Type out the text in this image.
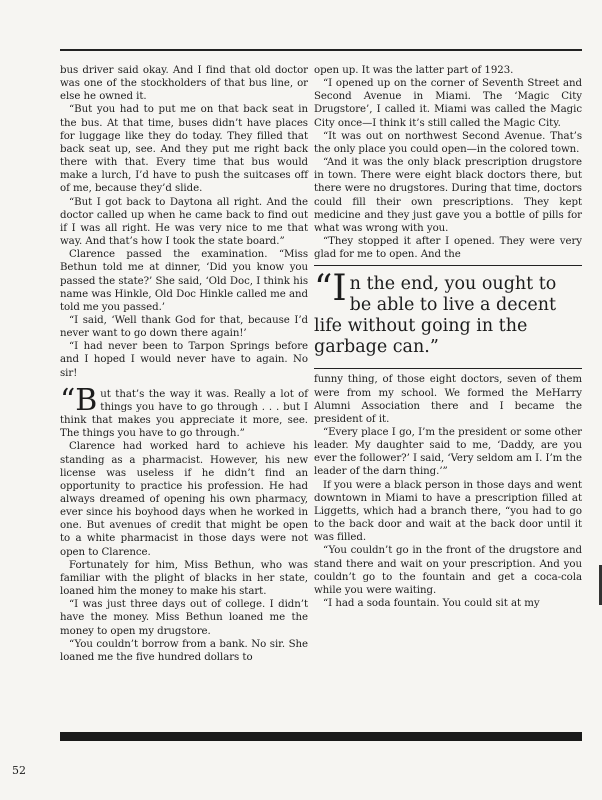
bus driver said okay. And I find that old doctor was one of the stockholders of that bus line, or else he owned it.

“But you had to put me on that back seat in the bus. At that time, buses didn’t have places for luggage like they do today. They filled that back seat up, see. And they put me right back there with that. Every time that bus would make a lurch, I’d have to push the suitcases off of me, because they’d slide.

“But I got back to Daytona all right. And the doctor called up when he came back to find out if I was all right. He was very nice to me that way. And that’s how I took the state board.”

Clarence passed the examination. “Miss Bethun told me at dinner, ‘Did you know you passed the state?’ She said, ‘Old Doc, I think his name was Hinkle, Old Doc Hinkle called me and told me you passed.’

“I said, ‘Well thank God for that, because I’d never want to go down there again!’

“I had never been to Tarpon Springs before and I hoped I would never have to again. No sir!

“But that’s the way it was. Really a lot of things you have to go through . . . but I think that makes you appreciate it more, see. The things you have to go through.”

Clarence had worked hard to achieve his standing as a pharmacist. However, his new license was useless if he didn’t find an opportunity to practice his profession. He had always dreamed of opening his own pharmacy, ever since his boyhood days when he worked in one. But avenues of credit that might be open to a white pharmacist in those days were not open to Clarence.

Fortunately for him, Miss Bethun, who was familiar with the plight of blacks in her state, loaned him the money to make his start.

“I was just three days out of college. I didn’t have the money. Miss Bethun loaned me the money to open my drugstore.

“You couldn’t borrow from a bank. No sir. She loaned me the five hundred dollars to

open up. It was the latter part of 1923.

“I opened up on the corner of Seventh Street and Second Avenue in Miami. The ‘Magic City Drugstore’, I called it. Miami was called the Magic City once—I think it’s still called the Magic City.

“It was out on northwest Second Avenue. That’s the only place you could open—in the colored town.

“And it was the only black prescription drugstore in town. There were eight black doctors there, but there were no drugstores. During that time, doctors could fill their own prescriptions. They kept medicine and they just gave you a bottle of pills for what was wrong with you.

“They stopped it after I opened. They were very glad for me to open. And the

“In the end, you ought to be able to live a decent life without going in the garbage can.”

funny thing, of those eight doctors, seven of them were from my school. We formed the MeHarry Alumni Association there and I became the president of it.

“Every place I go, I’m the president or some other leader. My daughter said to me, ‘Daddy, are you ever the follower?’ I said, ‘Very seldom am I. I’m the leader of the darn thing.’”

If you were a black person in those days and went downtown in Miami to have a prescription filled at Liggetts, which had a branch there, “you had to go to the back door and wait at the back door until it was filled.

“You couldn’t go in the front of the drugstore and stand there and wait on your prescription. And you couldn’t go to the fountain and get a coca-cola while you were waiting.

“I had a soda fountain. You could sit at my

52
